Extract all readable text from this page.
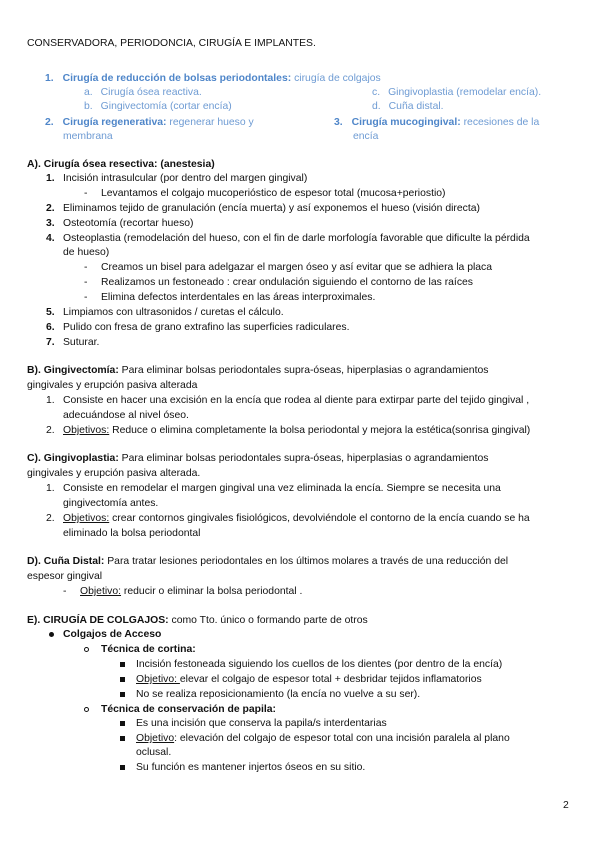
CONSERVADORA, PERIODONCIA, CIRUGÍA E IMPLANTES.
1. Cirugía de reducción de bolsas periodontales: cirugía de colgajos
a. Cirugía ósea reactiva.
b. Gingivectomía (cortar encía)
c. Gingivoplastia (remodelar encía).
d. Cuña distal.
2. Cirugía regenerativa: regenerar hueso y
membrana
3. Cirugía mucogingival: recesiones de la
encía
A). Cirugía ósea resectiva: (anestesia)
1. Incisión intrasulcular (por dentro del margen gingival)
- Levantamos el colgajo mucoperióstico de espesor total (mucosa+periostio)
2. Eliminamos tejido de granulación (encía muerta) y así exponemos el hueso (visión directa)
3. Osteotomía (recortar hueso)
4. Osteoplastia (remodelación del hueso, con el fin de darle morfología favorable que dificulte la pérdida
de hueso)
- Creamos un bisel para adelgazar el margen óseo y así evitar que se adhiera la placa
- Realizamos un festoneado : crear ondulación siguiendo el contorno de las raíces
- Elimina defectos interdentales en las áreas interproximales.
5. Limpiamos con ultrasonidos / curetas el cálculo.
6. Pulido con fresa de grano extrafino las superficies radiculares.
7. Suturar.
B). Gingivectomía: Para eliminar bolsas periodontales supra-óseas, hiperplasias o agrandamientos
gingivales y erupción pasiva alterada
1. Consiste en hacer una excisión en la encía que rodea al diente para extirpar parte del tejido gingival ,
adecuándose al nivel óseo.
2. Objetivos: Reduce o elimina completamente la bolsa periodontal y mejora la estética(sonrisa gingival)
C). Gingivoplastia: Para eliminar bolsas periodontales supra-óseas, hiperplasias o agrandamientos
gingivales y erupción pasiva alterada.
1. Consiste en remodelar el margen gingival una vez eliminada la encía. Siempre se necesita una
gingivectomía antes.
2. Objetivos: crear contornos gingivales fisiológicos, devolviéndole el contorno de la encía cuando se ha
eliminado la bolsa periodontal
D). Cuña Distal: Para tratar lesiones periodontales en los últimos molares a través de una reducción del
espesor gingival
- Objetivo: reducir o eliminar la bolsa periodontal .
E). CIRUGÍA DE COLGAJOS: como Tto. único o formando parte de otros
Colgajos de Acceso
Técnica de cortina:
Incisión festoneada siguiendo los cuellos de los dientes (por dentro de la encía)
Objetivo: elevar el colgajo de espesor total + desbridar tejidos inflamatorios
No se realiza reposicionamiento (la encía no vuelve a su ser).
Técnica de conservación de papila:
Es una incisión que conserva la papila/s interdentarias
Objetivo: elevación del colgajo de espesor total con una incisión paralela al plano
oclusal.
Su función es mantener injertos óseos en su sitio.
2
